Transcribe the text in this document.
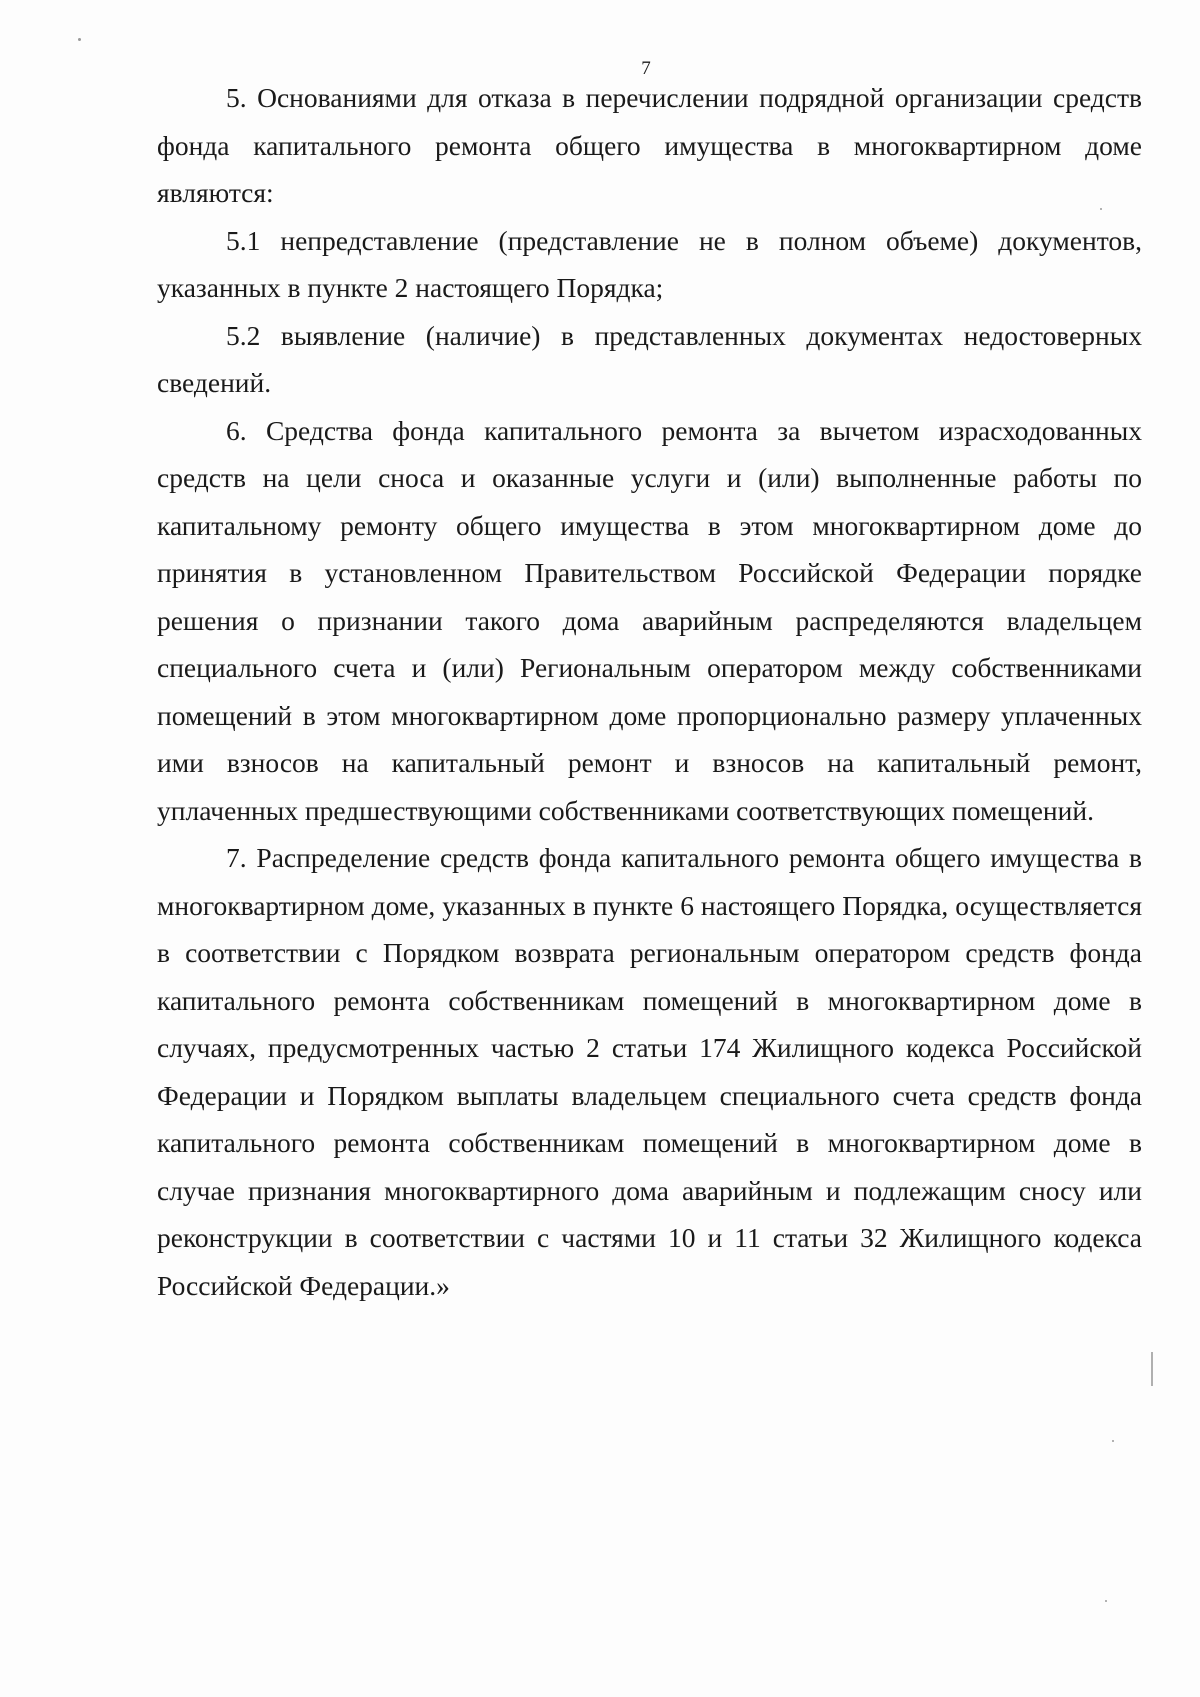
7

5. Основаниями для отказа в перечислении подрядной организации средств фонда капитального ремонта общего имущества в многоквартирном доме являются:

5.1 непредставление (представление не в полном объеме) документов, указанных в пункте 2 настоящего Порядка;

5.2 выявление (наличие) в представленных документах недостоверных сведений.

6. Средства фонда капитального ремонта за вычетом израсходованных средств на цели сноса и оказанные услуги и (или) выполненные работы по капитальному ремонту общего имущества в этом многоквартирном доме до принятия в установленном Правительством Российской Федерации порядке решения о признании такого дома аварийным распределяются владельцем специального счета и (или) Региональным оператором между собственниками помещений в этом многоквартирном доме пропорционально размеру уплаченных ими взносов на капитальный ремонт и взносов на капитальный ремонт, уплаченных предшествующими собственниками соответствующих помещений.

7. Распределение средств фонда капитального ремонта общего имущества в многоквартирном доме, указанных в пункте 6 настоящего Порядка, осуществляется в соответствии с Порядком возврата региональным оператором средств фонда капитального ремонта собственникам помещений в многоквартирном доме в случаях, предусмотренных частью 2 статьи 174 Жилищного кодекса Российской Федерации и Порядком выплаты владельцем специального счета средств фонда капитального ремонта собственникам помещений в многоквартирном доме в случае признания многоквартирного дома аварийным и подлежащим сносу или реконструкции в соответствии с частями 10 и 11 статьи 32 Жилищного кодекса Российской Федерации.»
